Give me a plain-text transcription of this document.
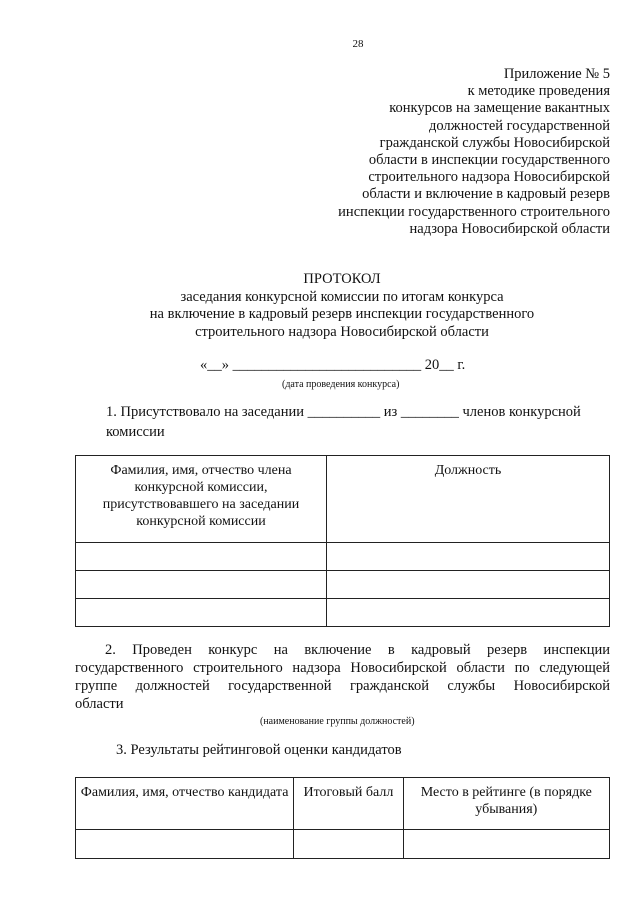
28
Приложение № 5
к методике проведения
конкурсов на замещение вакантных
должностей государственной
гражданской службы Новосибирской
области в инспекции государственного
строительного надзора Новосибирской
области и включение в кадровый резерв
инспекции государственного строительного
надзора Новосибирской области
ПРОТОКОЛ
заседания конкурсной комиссии по итогам конкурса
на включение в кадровый резерв инспекции государственного
строительного надзора Новосибирской области
«__» __________________________ 20__ г.
(дата проведения конкурса)
1. Присутствовало на заседании __________ из ________ членов конкурсной
комиссии
Фамилия, имя, отчество члена конкурсной комиссии, присутствовавшего на заседании конкурсной комиссии	Должность

2. Проведен конкурс на включение в кадровый резерв инспекции
государственного строительного надзора Новосибирской области по следующей
группе должностей государственной гражданской службы Новосибирской
области
(наименование группы должностей)
3. Результаты рейтинговой оценки кандидатов
Фамилия, имя, отчество кандидата	Итоговый балл	Место в рейтинге (в порядке убывания)
